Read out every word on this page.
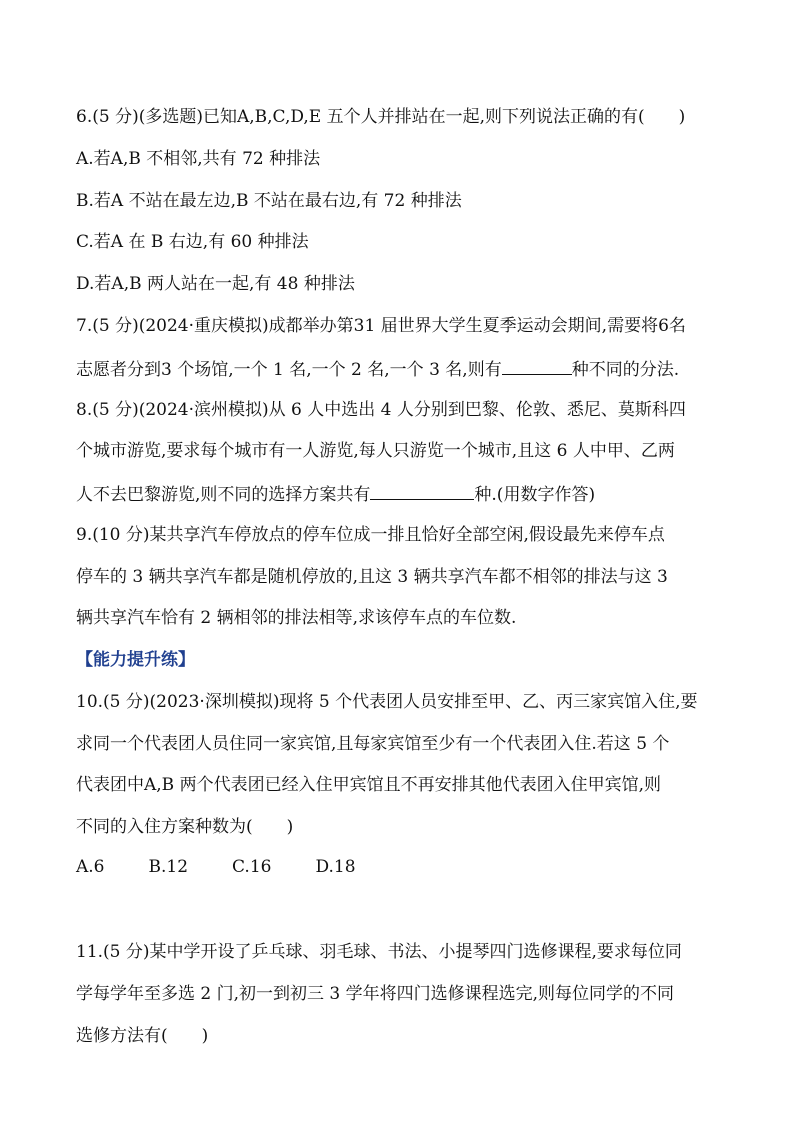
6.(5 分)(多选题)已知A,B,C,D,E 五个人并排站在一起,则下列说法正确的有(　　)
A.若A,B 不相邻,共有 72 种排法
B.若A 不站在最左边,B 不站在最右边,有 72 种排法
C.若A 在 B 右边,有 60 种排法
D.若A,B 两人站在一起,有 48 种排法
7.(5 分)(2024·重庆模拟)成都举办第31 届世界大学生夏季运动会期间,需要将6名
志愿者分到3 个场馆,一个 1 名,一个 2 名,一个 3 名,则有	种不同的分法.
8.(5 分)(2024·滨州模拟)从 6 人中选出 4 人分别到巴黎、伦敦、悉尼、莫斯科四
个城市游览,要求每个城市有一人游览,每人只游览一个城市,且这 6 人中甲、乙两
人不去巴黎游览,则不同的选择方案共有	种.(用数字作答)
9.(10 分)某共享汽车停放点的停车位成一排且恰好全部空闲,假设最先来停车点
停车的 3 辆共享汽车都是随机停放的,且这 3 辆共享汽车都不相邻的排法与这 3
辆共享汽车恰有 2 辆相邻的排法相等,求该停车点的车位数.
【能力提升练】
10.(5 分)(2023·深圳模拟)现将 5 个代表团人员安排至甲、乙、丙三家宾馆入住,要
求同一个代表团人员住同一家宾馆,且每家宾馆至少有一个代表团入住.若这 5 个
代表团中A,B 两个代表团已经入住甲宾馆且不再安排其他代表团入住甲宾馆,则
不同的入住方案种数为(　　)
A.6	B.12	C.16	D.18
11.(5 分)某中学开设了乒乓球、羽毛球、书法、小提琴四门选修课程,要求每位同
学每学年至多选 2 门,初一到初三 3 学年将四门选修课程选完,则每位同学的不同
选修方法有(　　)
